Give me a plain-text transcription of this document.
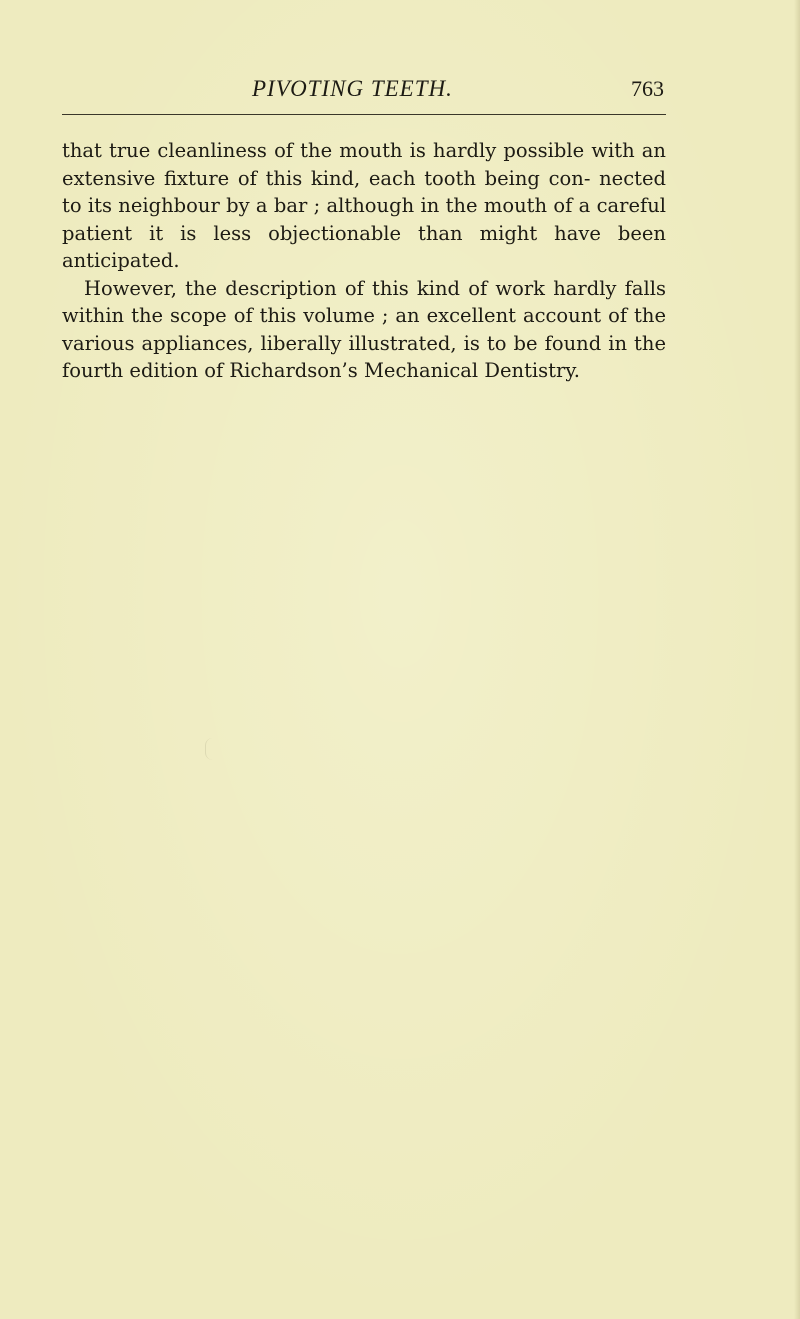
PIVOTING TEETH.	763

that true cleanliness of the mouth is hardly possible with an extensive fixture of this kind, each tooth being con- nected to its neighbour by a bar ; although in the mouth of a careful patient it is less objectionable than might have been anticipated.

However, the description of this kind of work hardly falls within the scope of this volume ; an excellent account of the various appliances, liberally illustrated, is to be found in the fourth edition of Richardson’s Mechanical Dentistry.
